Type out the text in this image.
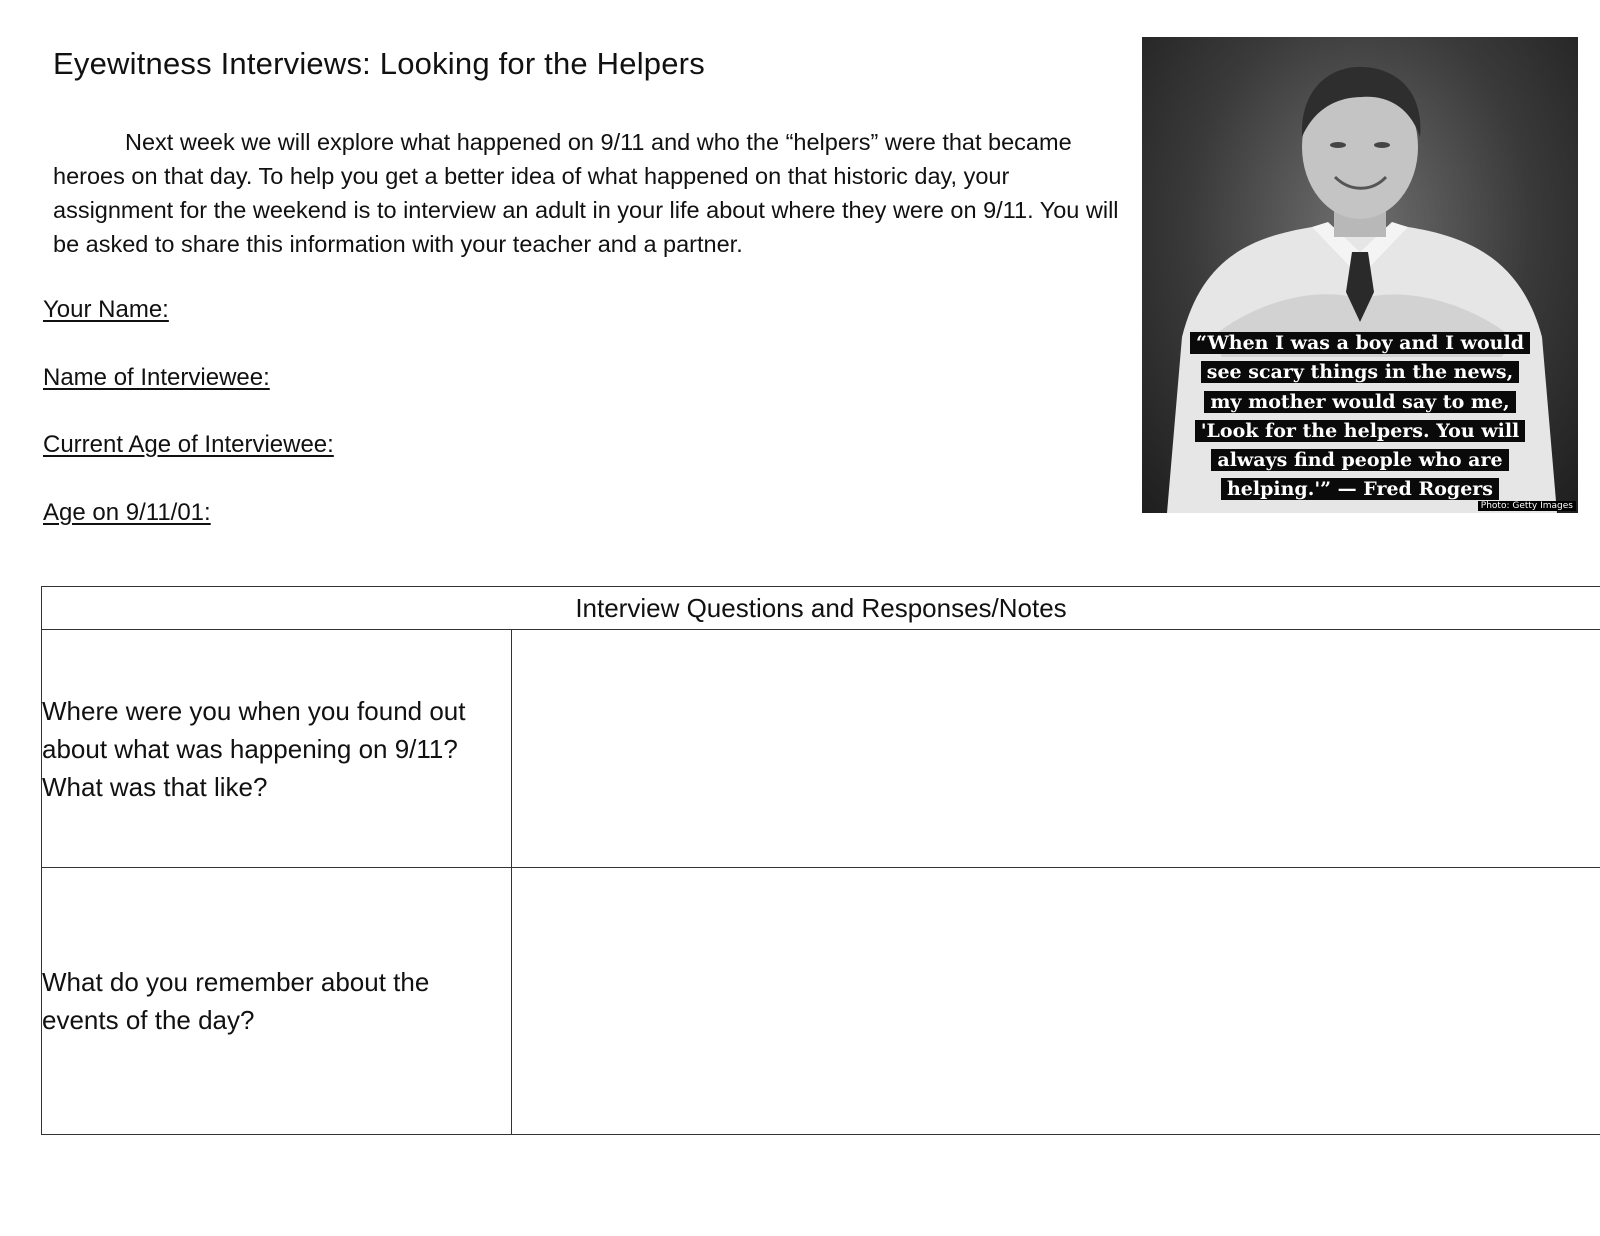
Eyewitness Interviews: Looking for the Helpers

Next week we will explore what happened on 9/11 and who the “helpers” were that became heroes on that day. To help you get a better idea of what happened on that historic day, your assignment for the weekend is to interview an adult in your life about where they were on 9/11. You will be asked to share this information with your teacher and a partner.

Your Name:
Name of Interviewee:
Current Age of Interviewee:
Age on 9/11/01:
“When I was a boy and I would
see scary things in the news,
my mother would say to me,
'Look for the helpers. You will
always find people who are
helping.'” — Fred Rogers
Photo: Getty Images
Interview Questions and Responses/Notes	
Where were you when you found out about what was happening on 9/11? What was that like?	
What do you remember about the events of the day?	
